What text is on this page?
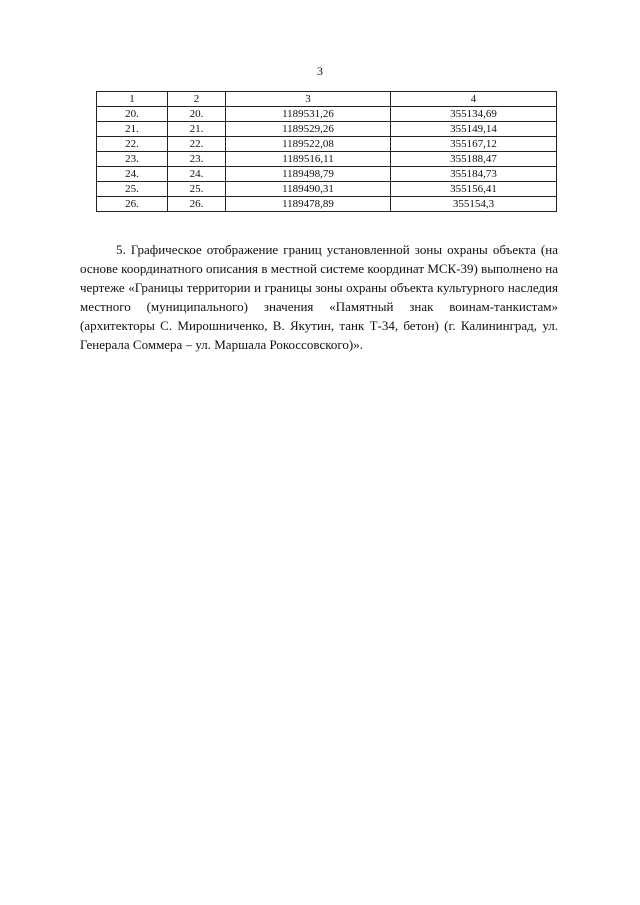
3
1	2	3	4
20.	20.	1189531,26	355134,69
21.	21.	1189529,26	355149,14
22.	22.	1189522,08	355167,12
23.	23.	1189516,11	355188,47
24.	24.	1189498,79	355184,73
25.	25.	1189490,31	355156,41
26.	26.	1189478,89	355154,3

5. Графическое отображение границ установленной зоны охраны объекта (на основе координатного описания в местной системе координат МСК-39) выполнено на чертеже «Границы территории и границы зоны охраны объекта культурного наследия местного (муниципального) значения «Памятный знак воинам-танкистам» (архитекторы С. Мирошниченко, В. Якутин, танк Т-34, бетон) (г. Калининград, ул. Генерала Соммера – ул. Маршала Рокоссовского)».
